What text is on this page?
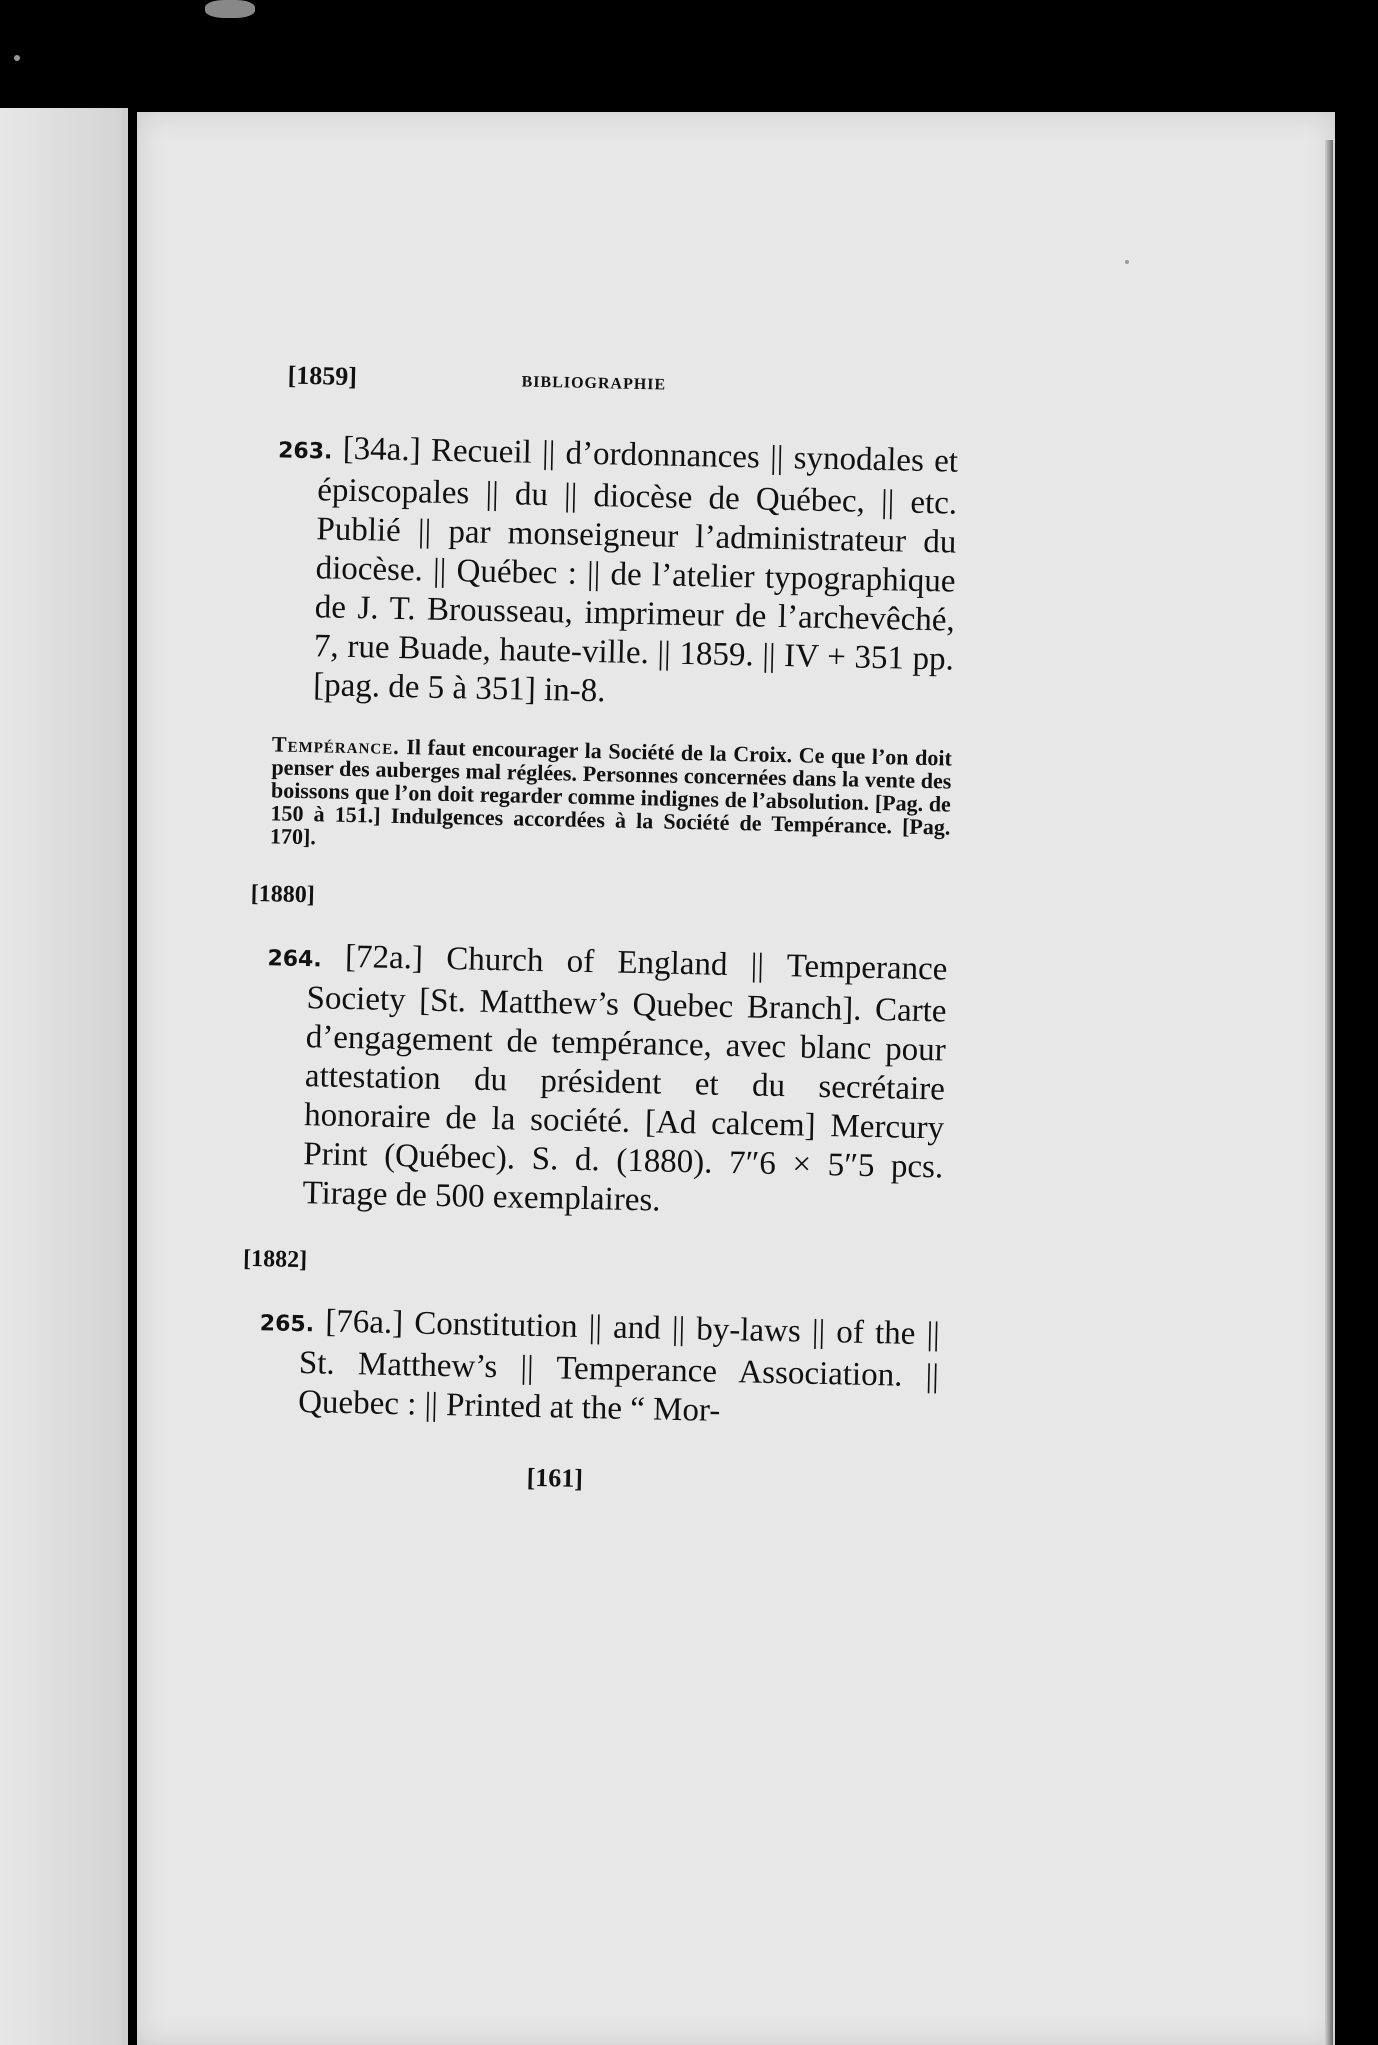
[1859]	BIBLIOGRAPHIE
263. [34a.] Recueil || d’ordonnances || synodales et épiscopales || du || diocèse de Québec, || etc. Publié || par monseigneur l’administrateur du diocèse. || Québec : || de l’atelier typographique de J. T. Brousseau, imprimeur de l’archevêché, 7, rue Buade, haute-ville. || 1859. || IV + 351 pp. [pag. de 5 à 351] in-8.
Tempérance. Il faut encourager la Société de la Croix. Ce que l’on doit penser des auberges mal réglées. Personnes concernées dans la vente des boissons que l’on doit regarder comme indignes de l’absolution. [Pag. de 150 à 151.] Indulgences accordées à la Société de Tempérance. [Pag. 170].
[1880]
264. [72a.] Church of England || Temperance Society [St. Matthew’s Quebec Branch]. Carte d’engagement de tempérance, avec blanc pour attestation du président et du secrétaire honoraire de la société. [Ad calcem] Mercury Print (Québec). S. d. (1880). 7″6 × 5″5 pcs. Tirage de 500 exemplaires.
[1882]
265. [76a.] Constitution || and || by-laws || of the || St. Matthew’s || Temperance Association. || Quebec : || Printed at the “ Mor-
[161]
